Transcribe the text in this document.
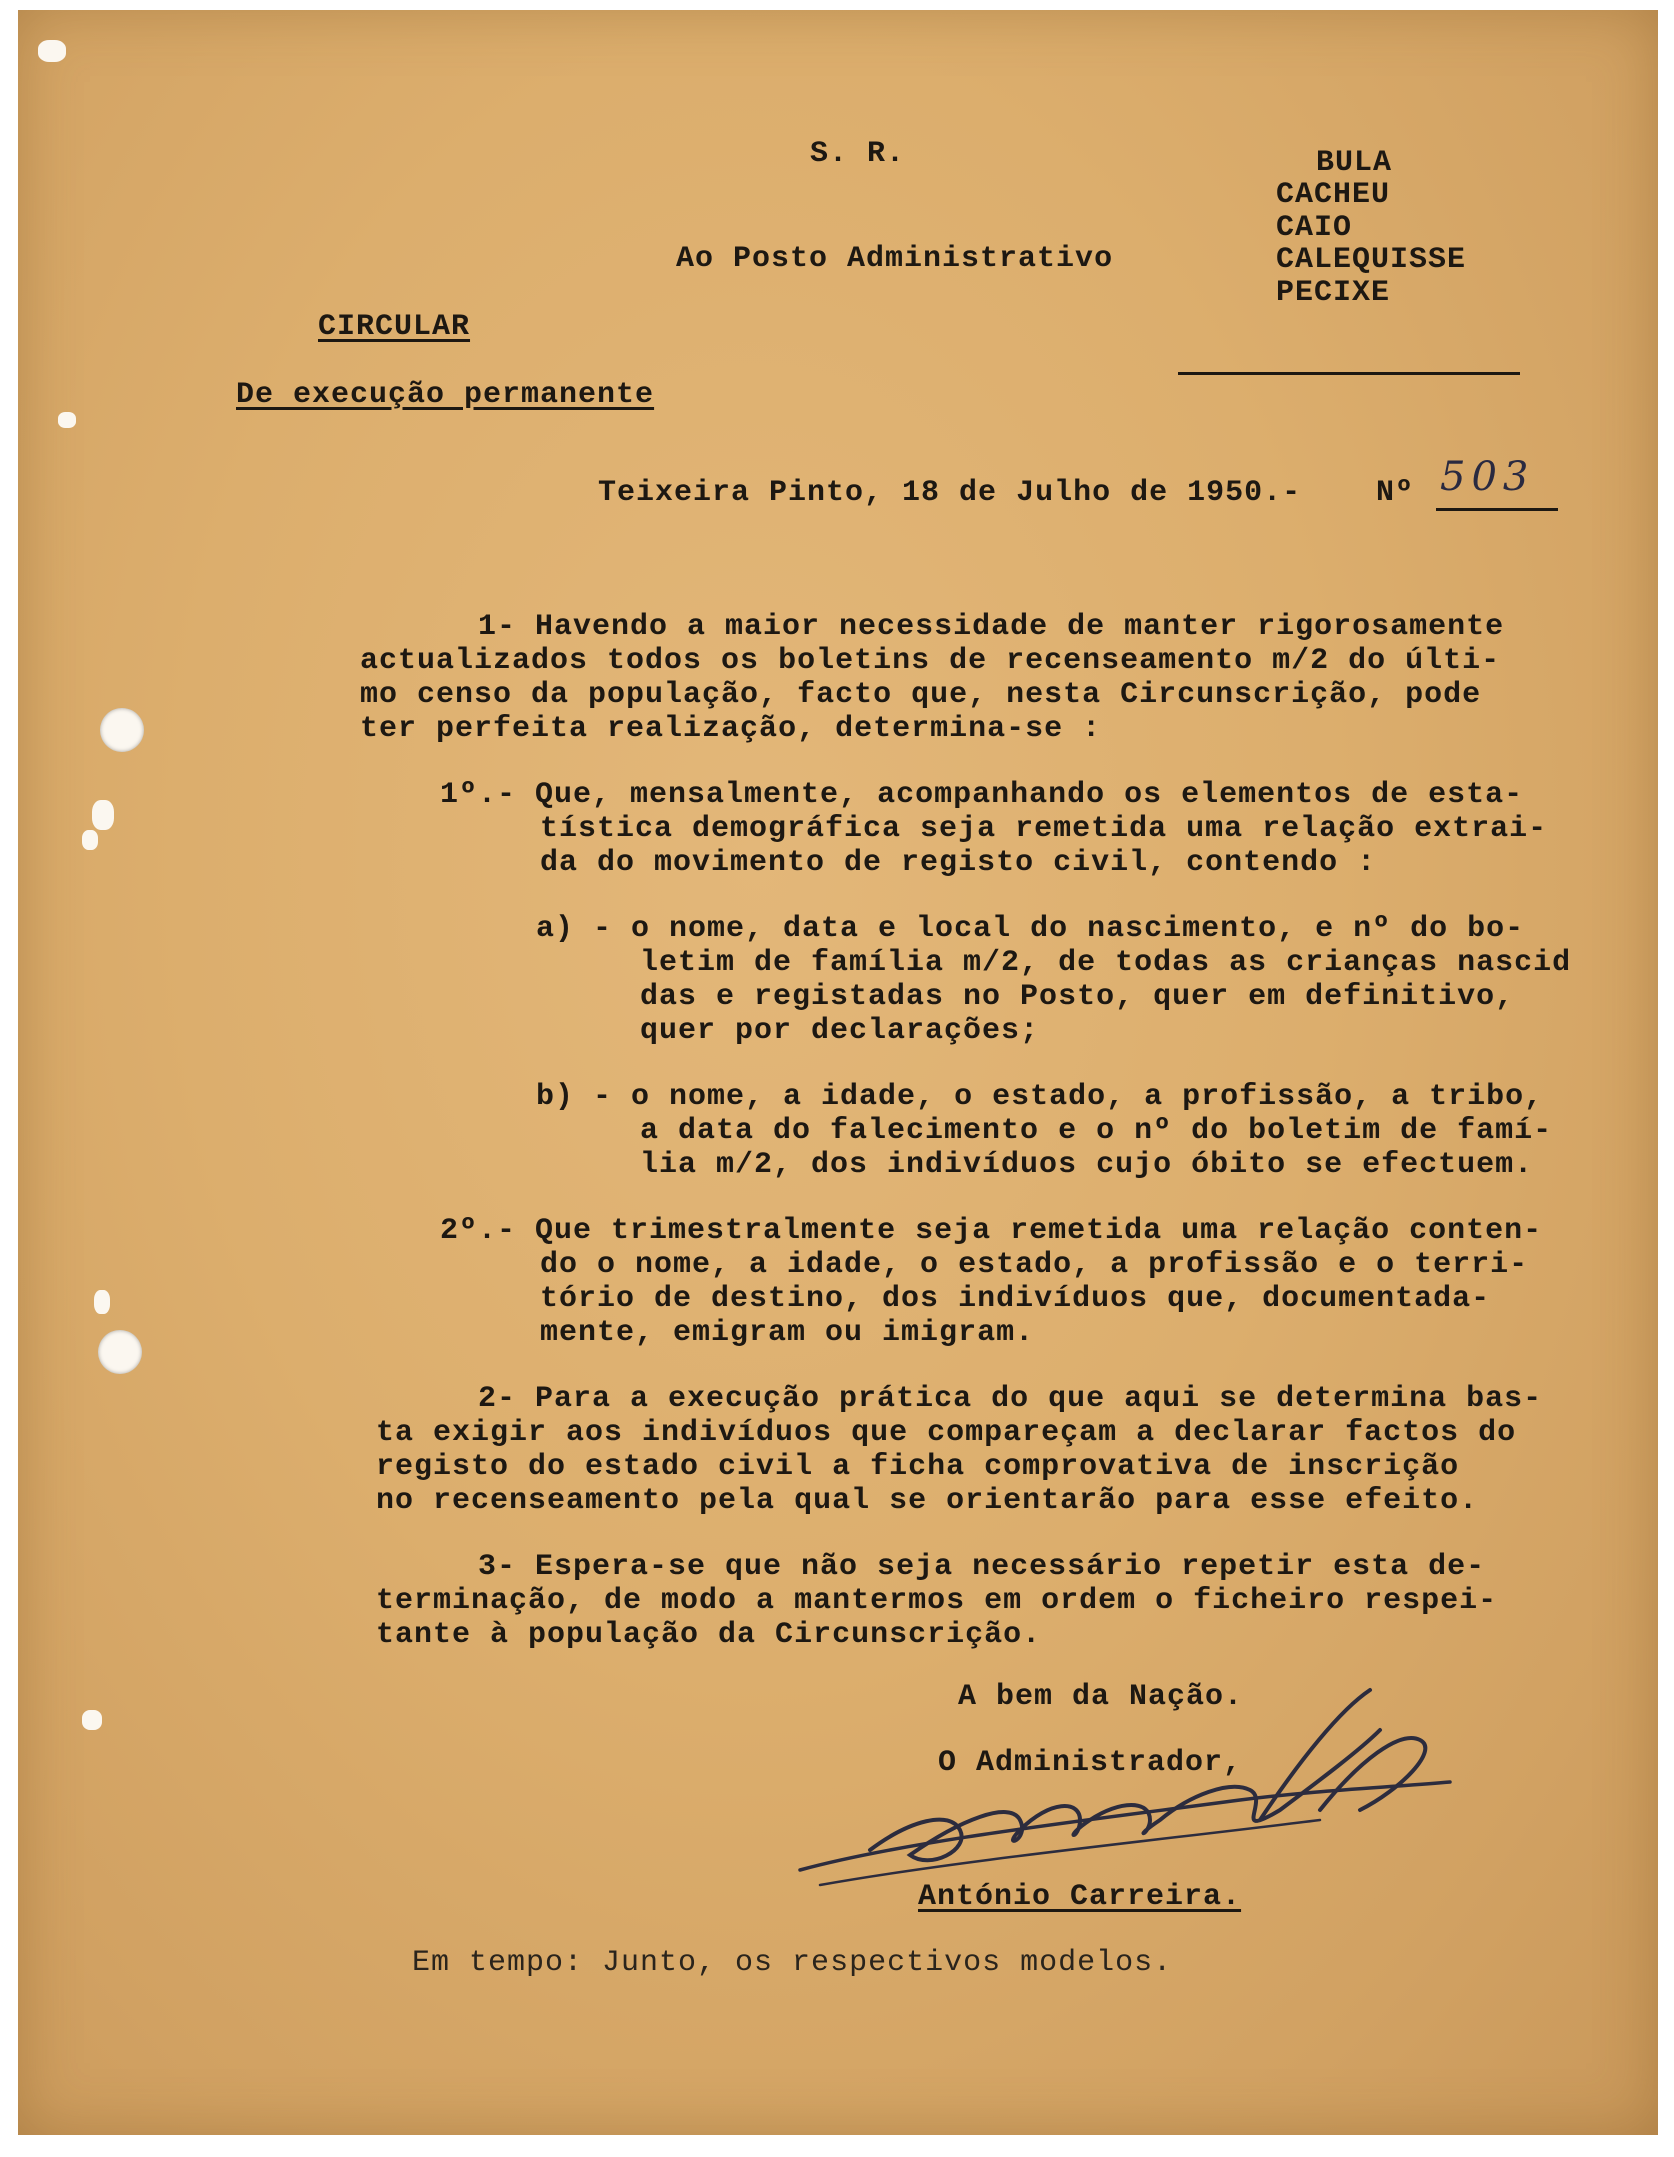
S. R.
Ao Posto Administrativo
BULA
CACHEU
CAIO
CALEQUISSE
PECIXE
CIRCULAR
De execução permanente
Teixeira Pinto, 18 de Julho de 1950.- Nº 503
1- Havendo a maior necessidade de manter rigorosamente
actualizados todos os boletins de recenseamento m/2 do últi-
mo censo da população, facto que, nesta Circunscrição, pode
ter perfeita realização, determina-se :
1º.- Que, mensalmente, acompanhando os elementos de esta-
tística demográfica seja remetida uma relação extrai-
da do movimento de registo civil, contendo :
a) - o nome, data e local do nascimento, e nº do bo-
letim de família m/2, de todas as crianças nascid
das e registadas no Posto, quer em definitivo,
quer por declarações;
b) - o nome, a idade, o estado, a profissão, a tribo,
a data do falecimento e o nº do boletim de famí-
lia m/2, dos indivíduos cujo óbito se efectuem.
2º.- Que trimestralmente seja remetida uma relação conten-
do o nome, a idade, o estado, a profissão e o terri-
tório de destino, dos indivíduos que, documentada-
mente, emigram ou imigram.
2- Para a execução prática do que aqui se determina bas-
ta exigir aos indivíduos que compareçam a declarar factos do
registo do estado civil a ficha comprovativa de inscrição
no recenseamento pela qual se orientarão para esse efeito.
3- Espera-se que não seja necessário repetir esta de-
terminação, de modo a mantermos em ordem o ficheiro respei-
tante à população da Circunscrição.
A bem da Nação.
O Administrador,
António Carreira.
Em tempo: Junto, os respectivos modelos.
